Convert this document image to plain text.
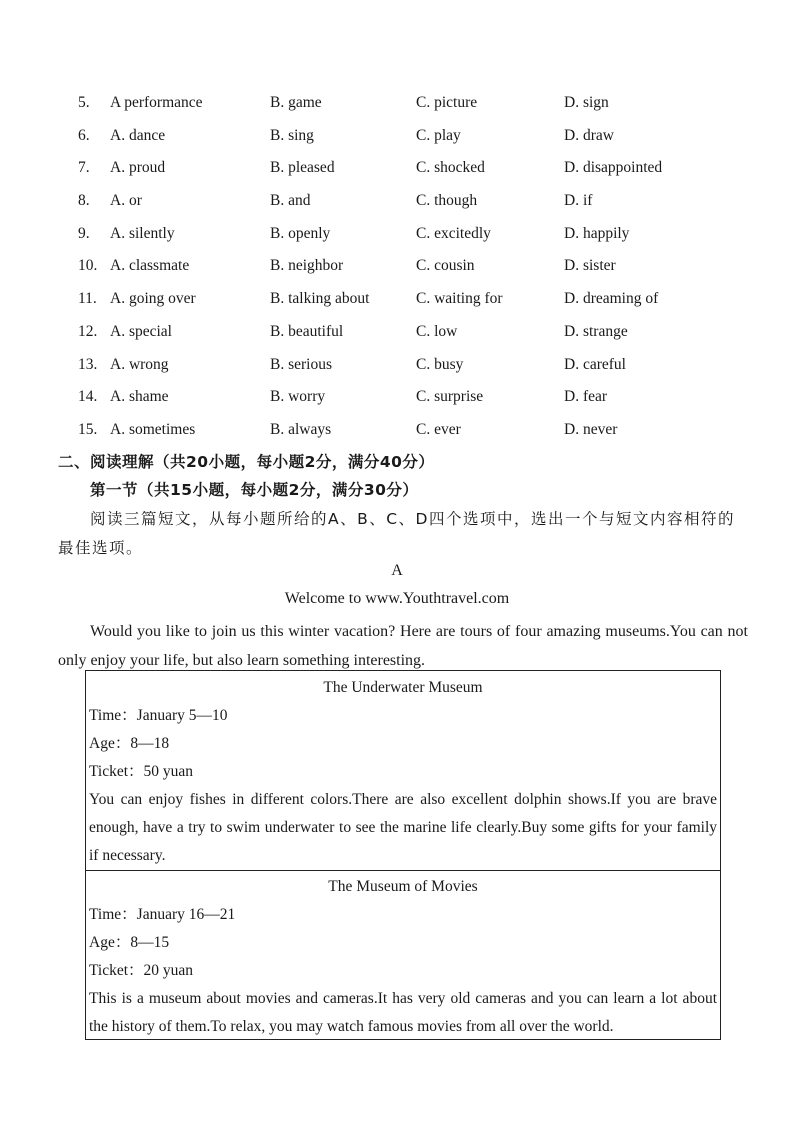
5. A performance	B. game	C. picture	D. sign
6. A. dance	B. sing	C. play	D. draw
7. A. proud	B. pleased	C. shocked	D. disappointed
8. A. or	B. and	C. though	D. if
9. A. silently	B. openly	C. excitedly	D. happily
10. A. classmate	B. neighbor	C. cousin	D. sister
11. A. going over	B. talking about	C. waiting for	D. dreaming of
12. A. special	B. beautiful	C. low	D. strange
13. A. wrong	B. serious	C. busy	D. careful
14. A. shame	B. worry	C. surprise	D. fear
15. A. sometimes	B. always	C. ever	D. never
二、阅读理解（共20小题，每小题2分，满分40分）
第一节（共15小题，每小题2分，满分30分）
阅读三篇短文，从每小题所给的A、B、C、D四个选项中，选出一个与短文内容相符的最佳选项。
A
Welcome to www.Youthtravel.com
Would you like to join us this winter vacation? Here are tours of four amazing museums.You can not only enjoy your life, but also learn something interesting.
The Underwater Museum
Time：January 5—10
Age：8—18
Ticket：50 yuan
You can enjoy fishes in different colors.There are also excellent dolphin shows.If you are brave enough, have a try to swim underwater to see the marine life clearly.Buy some gifts for your family if necessary.
The Museum of Movies
Time：January 16—21
Age：8—15
Ticket：20 yuan
This is a museum about movies and cameras.It has very old cameras and you can learn a lot about the history of them.To relax, you may watch famous movies from all over the world.
